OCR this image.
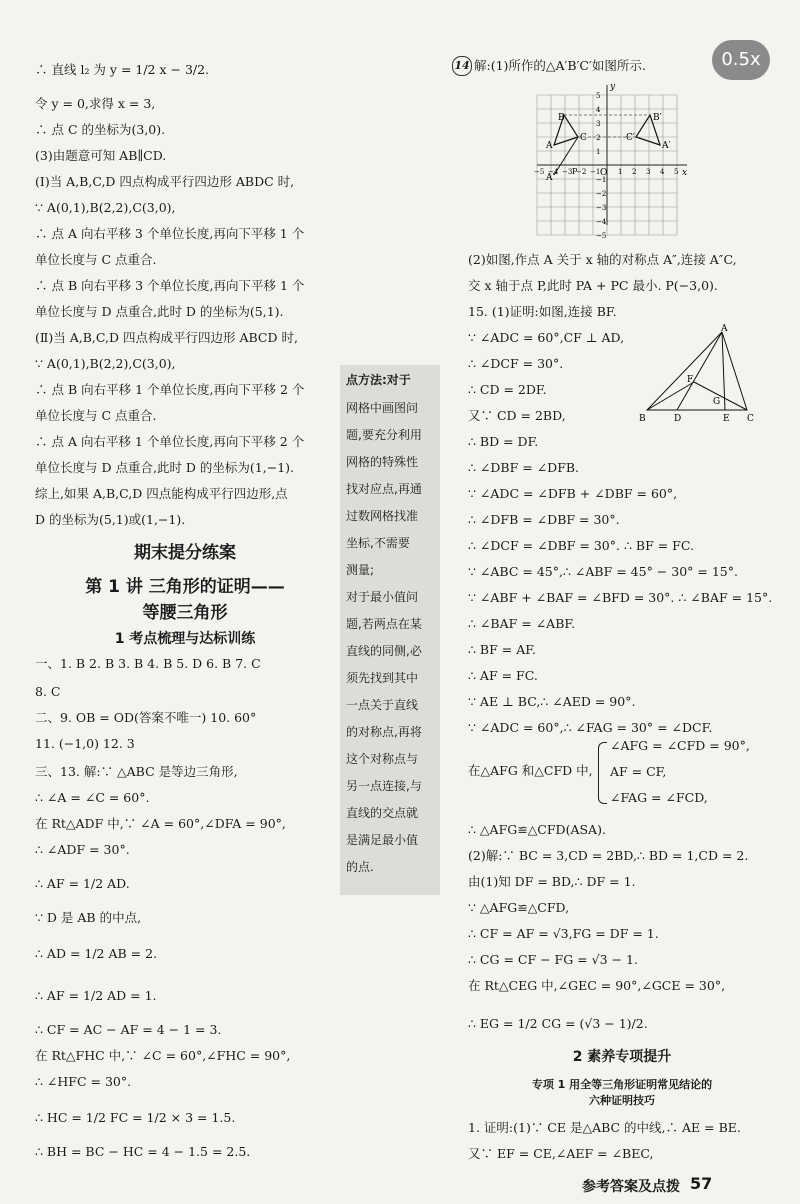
0.5x
∴ 直线 l₂ 为 y = 1/2 x − 3/2.
令 y = 0,求得 x = 3,
∴ 点 C 的坐标为(3,0).
(3)由题意可知 AB∥CD.
(Ⅰ)当 A,B,C,D 四点构成平行四边形 ABDC 时,
∵ A(0,1),B(2,2),C(3,0),
∴ 点 A 向右平移 3 个单位长度,再向下平移 1 个
单位长度与 C 点重合.
∴ 点 B 向右平移 3 个单位长度,再向下平移 1 个
单位长度与 D 点重合,此时 D 的坐标为(5,1).
(Ⅱ)当 A,B,C,D 四点构成平行四边形 ABCD 时,
∵ A(0,1),B(2,2),C(3,0),
∴ 点 B 向右平移 1 个单位长度,再向下平移 2 个
单位长度与 C 点重合.
∴ 点 A 向右平移 1 个单位长度,再向下平移 2 个
单位长度与 D 点重合,此时 D 的坐标为(1,−1).
综上,如果 A,B,C,D 四点能构成平行四边形,点
D 的坐标为(5,1)或(1,−1).
期末提分练案
第 1 讲 三角形的证明——
等腰三角形
1 考点梳理与达标训练
一、1. B 2. B 3. B 4. B 5. D 6. B 7. C
8. C
二、9. OB = OD(答案不唯一) 10. 60°
11. (−1,0) 12. 3
三、13. 解:∵ △ABC 是等边三角形,
∴ ∠A = ∠C = 60°.
在 Rt△ADF 中,∵ ∠A = 60°,∠DFA = 90°,
∴ ∠ADF = 30°.
∴ AF = 1/2 AD.
∵ D 是 AB 的中点,
∴ AD = 1/2 AB = 2.
∴ AF = 1/2 AD = 1.
∴ CF = AC − AF = 4 − 1 = 3.
在 Rt△FHC 中,∵ ∠C = 60°,∠FHC = 90°,
∴ ∠HFC = 30°.
∴ HC = 1/2 FC = 1/2 × 3 = 1.5.
∴ BH = BC − HC = 4 − 1.5 = 2.5.
点方法:对于
网格中画图问
题,要充分利用
网格的特殊性
找对应点,再通
过数网格找准
坐标,不需要
测量;
对于最小值问
题,若两点在某
直线的同侧,必
须先找到其中
一点关于直线
的对称点,再将
这个对称点与
另一点连接,与
直线的交点就
是满足最小值
的点.
14 解:(1)所作的△A′B′C′如图所示.
(2)如图,作点 A 关于 x 轴的对称点 A″,连接 A″C,
交 x 轴于点 P,此时 PA + PC 最小. P(−3,0).
15. (1)证明:如图,连接 BF.
∵ ∠ADC = 60°,CF ⊥ AD,
∴ ∠DCF = 30°.
∴ CD = 2DF.
又∵ CD = 2BD,
∴ BD = DF.
∴ ∠DBF = ∠DFB.
∵ ∠ADC = ∠DFB + ∠DBF = 60°,
∴ ∠DFB = ∠DBF = 30°.
∴ ∠DCF = ∠DBF = 30°. ∴ BF = FC.
∵ ∠ABC = 45°,∴ ∠ABF = 45° − 30° = 15°.
∵ ∠ABF + ∠BAF = ∠BFD = 30°. ∴ ∠BAF = 15°.
∴ ∠BAF = ∠ABF.
∴ BF = AF.
∴ AF = FC.
∵ AE ⊥ BC,∴ ∠AED = 90°.
∵ ∠ADC = 60°,∴ ∠FAG = 30° = ∠DCF.
∴ △AFG≌△CFD(ASA).
(2)解:∵ BC = 3,CD = 2BD,∴ BD = 1,CD = 2.
由(1)知 DF = BD,∴ DF = 1.
∵ △AFG≌△CFD,
∴ CF = AF = √3,FG = DF = 1.
∴ CG = CF − FG = √3 − 1.
在 Rt△CEG 中,∠GEC = 90°,∠GCE = 30°,
∴ EG = 1/2 CG = (√3 − 1)/2.
1. 证明:(1)∵ CE 是△ABC 的中线,∴ AE = BE.
又∵ EF = CE,∠AEF = ∠BEC,
B
A
C
B′
A′
C′
A″
P	O	x
y
−5 −4 −3 −2 −1	1 2 3 4 5
5
4
3
2
1
−1
−2
−3
−4
−5
A
F
G
B	D	E C
在△AFG 和△CFD 中,
∠AFG = ∠CFD = 90°,
AF = CF,
∠FAG = ∠FCD,
2 素养专项提升
专项 1 用全等三角形证明常见结论的
六种证明技巧
参考答案及点拨 57
